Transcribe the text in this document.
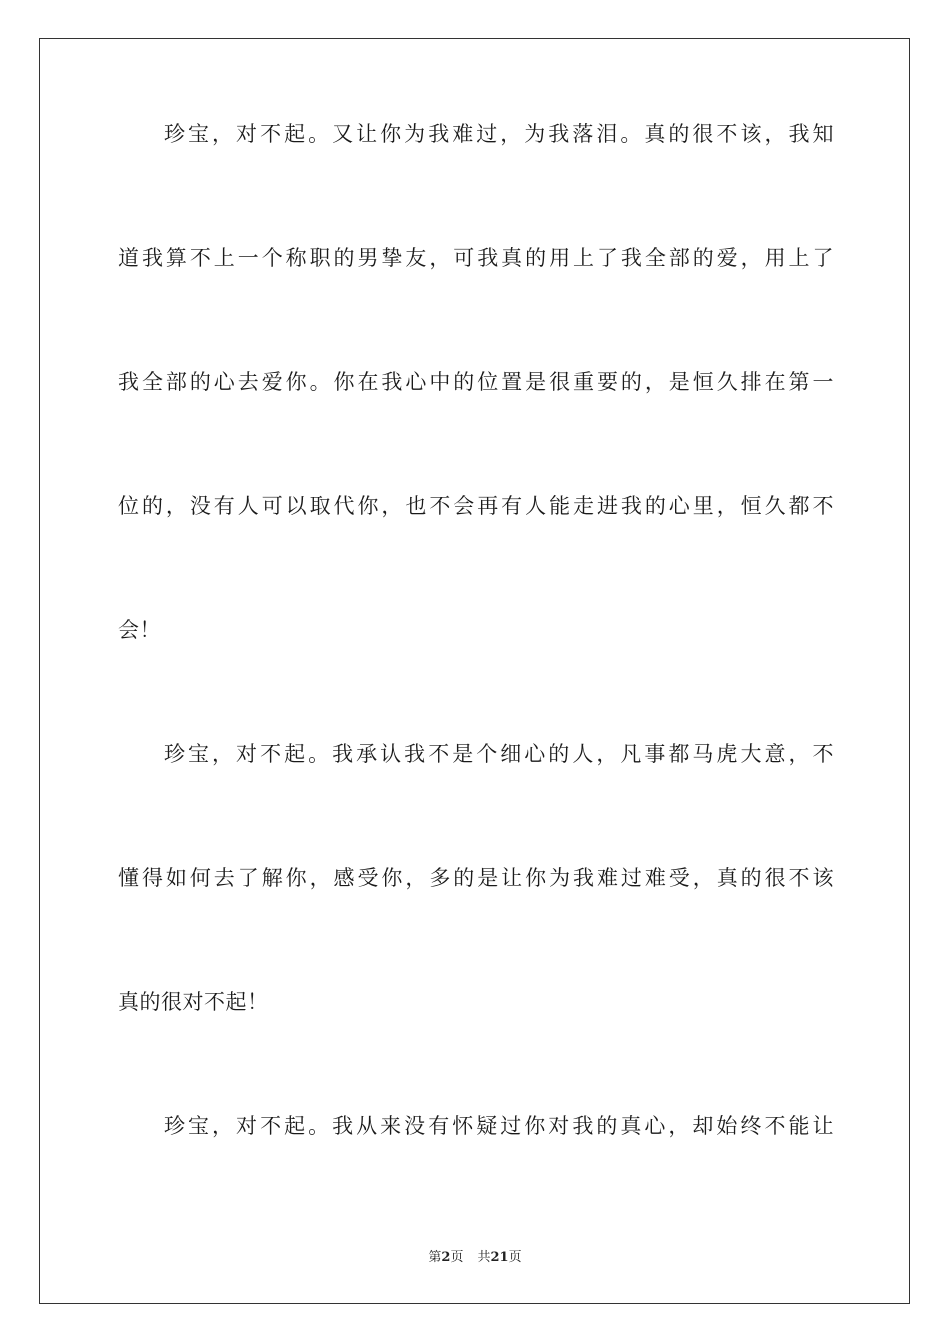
珍宝，对不起。又让你为我难过，为我落泪。真的很不该，我知
道我算不上一个称职的男挚友，可我真的用上了我全部的爱，用上了
我全部的心去爱你。你在我心中的位置是很重要的，是恒久排在第一
位的，没有人可以取代你，也不会再有人能走进我的心里，恒久都不
会！
珍宝，对不起。我承认我不是个细心的人，凡事都马虎大意，不
懂得如何去了解你，感受你，多的是让你为我难过难受，真的很不该
真的很对不起！
珍宝，对不起。我从来没有怀疑过你对我的真心，却始终不能让
第2页 共21页
